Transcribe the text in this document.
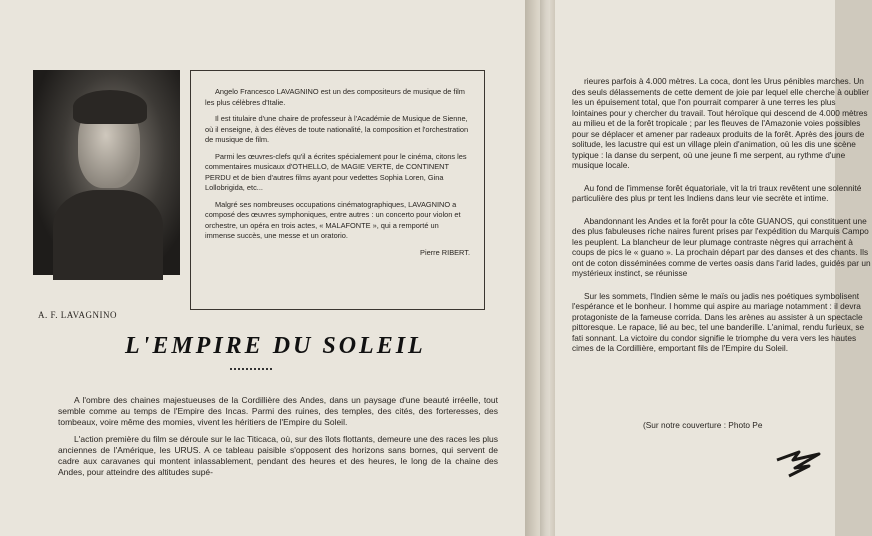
A. F. LAVAGNINO

Angelo Francesco LAVAGNINO est un des compositeurs de musique de film les plus célèbres d'Italie.

Il est titulaire d'une chaire de professeur à l'Académie de Musique de Sienne, où il enseigne, à des élèves de toute nationalité, la composition et l'orchestration de musique de film.

Parmi les œuvres-clefs qu'il a écrites spécialement pour le cinéma, citons les commentaires musicaux d'OTHELLO, de MAGIE VERTE, de CONTINENT PERDU et de bien d'autres films ayant pour vedettes Sophia Loren, Gina Lollobrigida, etc...

Malgré ses nombreuses occupations cinématographiques, LAVAGNINO a composé des œuvres symphoniques, entre autres : un concerto pour violon et orchestre, un opéra en trois actes, « MALAFONTE », qui a remporté un immense succès, une messe et un oratorio.

Pierre RIBERT.
L'EMPIRE DU SOLEIL

A l'ombre des chaines majestueuses de la Cordillière des Andes, dans un paysage d'une beauté irréelle, tout semble comme au temps de l'Empire des Incas. Parmi des ruines, des temples, des cités, des forteresses, des tombeaux, voire même des momies, vivent les héritiers de l'Empire du Soleil.

L'action première du film se déroule sur le lac Titicaca, où, sur des îlots flottants, demeure une des races les plus anciennes de l'Amérique, les URUS. A ce tableau paisible s'opposent des horizons sans bornes, qui servent de cadre aux caravanes qui montent inlassablement, pendant des heures et des heures, le long de la chaine des Andes, pour atteindre des altitudes supé-

rieures parfois à 4.000 mètres. La coca, dont les Urus pénibles marches. Un des seuls délassements de cette dement de joie par lequel elle cherche à oublier les un épuisement total, que l'on pourrait comparer à une terres les plus lointaines pour y chercher du travail. Tout héroïque qui descend de 4.000 mètres au milieu et de la forêt tropicale ; par les fleuves de l'Amazonie voies possibles pour se déplacer et amener par radeaux produits de la forêt. Après des jours de solitude, les lacustre qui est un village plein d'animation, où les dis une scène typique : la danse du serpent, où une jeune fi me serpent, au rythme d'une musique locale.

Au fond de l'immense forêt équatoriale, vit la tri traux revêtent une solennité particulière des plus pr tent les Indiens dans leur vie secrète et intime.

Abandonnant les Andes et la forêt pour la côte GUANOS, qui constituent une des plus fabuleuses riche naires furent prises par l'expédition du Marquis Campo les peuplent. La blancheur de leur plumage contraste nègres qui arrachent à coups de pics le « guano ». La prochain départ par des danses et des chants. Ils ont de coton disséminées comme de vertes oasis dans l'arid lades, guidés par un mystérieux instinct, se réunisse

Sur les sommets, l'Indien sème le maïs ou jadis nes poétiques symbolisent l'espérance et le bonheur. I homme qui aspire au mariage notamment : il devra protagoniste de la fameuse corrida. Dans les arènes au assister à un spectacle pittoresque. Le rapace, lié au bec, tel une banderille. L'animal, rendu furieux, se fati sonnant. La victoire du condor signifie le triomphe du vera vers les hautes cimes de la Cordillière, emportant fils de l'Empire du Soleil.

(Sur notre couverture : Photo Pe
